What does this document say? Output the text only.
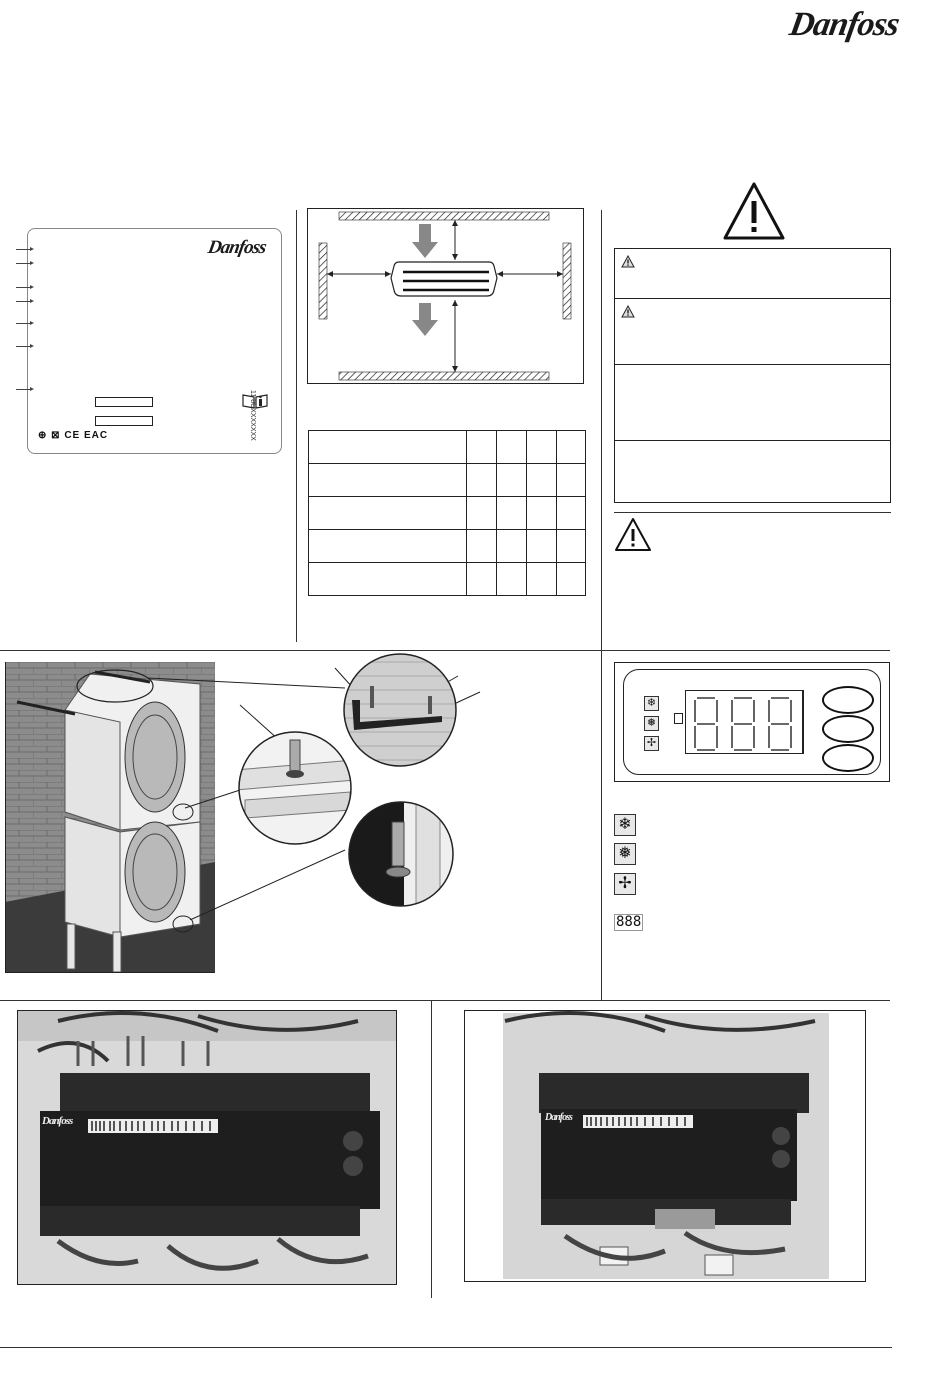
Danfoss
Danfoss
11 8UXXXXXXX
⊕ ⊠ CE EAC

❄
❅
✢
❄
❅
✢
888
Danfoss	Danfoss
